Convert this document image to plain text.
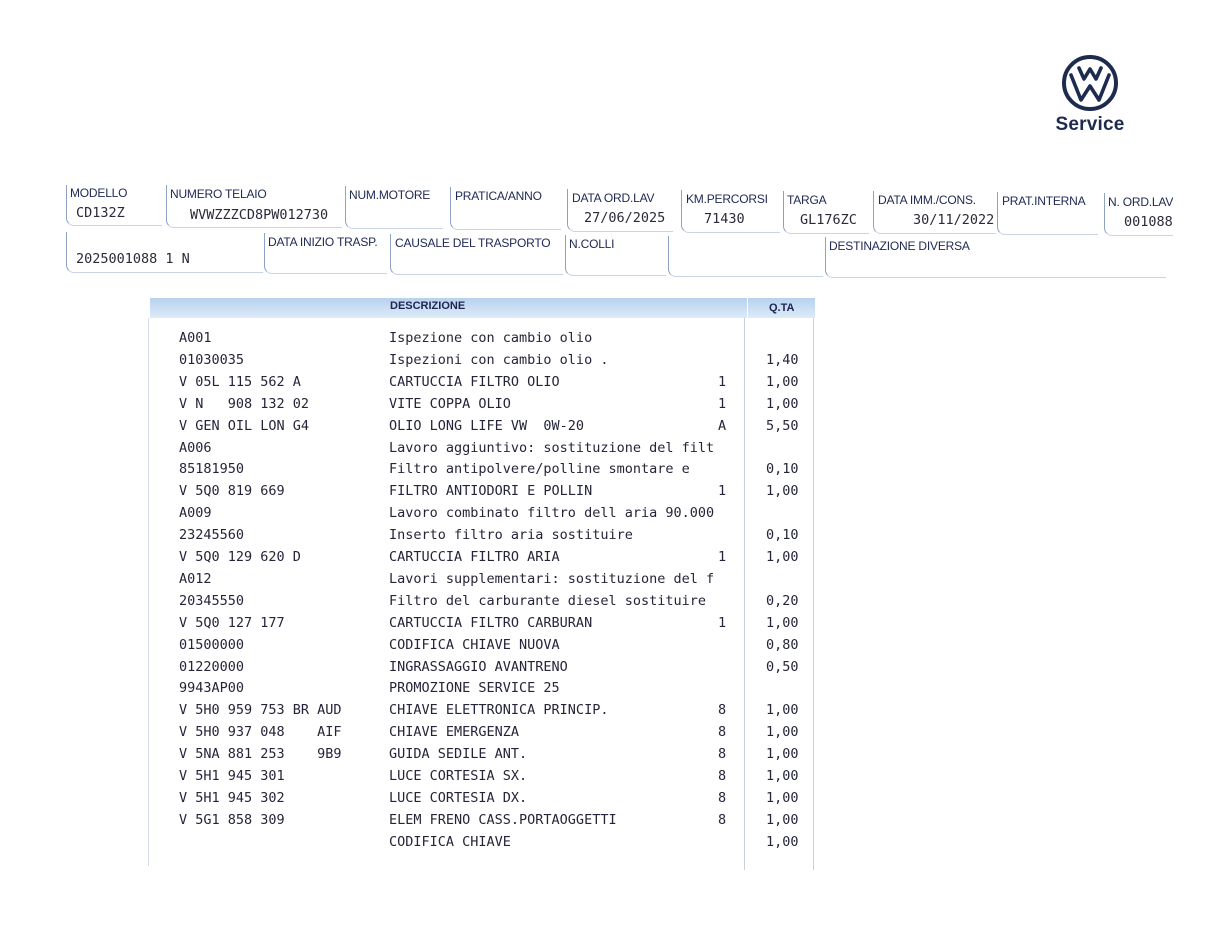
Service
MODELLO
CD132Z
NUMERO TELAIO
WVWZZZCD8PW012730
NUM.MOTORE PRATICA/ANNO	DATA ORD.LAV
27/06/2025
KM.PERCORSI
71430
TARGA
GL176ZC
DATA IMM./CONS.
30/11/2022
PRAT.INTERNA N. ORD.LAV
001088
2025001088 1 N
DATA INIZIO TRASP. CAUSALE DEL TRASPORTO N.COLLI	DESTINAZIONE DIVERSA
DESCRIZIONE	Q.TA
A001	Ispezione con cambio olio
01030035	Ispezioni con cambio olio .	1,40
V 05L 115 562 A	CARTUCCIA FILTRO OLIO	1	1,00
V N   908 132 02	VITE COPPA OLIO	1	1,00
V GEN OIL LON G4	OLIO LONG LIFE VW  0W-20	A	5,50
A006	Lavoro aggiuntivo: sostituzione del filt
85181950	Filtro antipolvere/polline smontare e	0,10
V 5Q0 819 669	FILTRO ANTIODORI E POLLIN	1	1,00
A009	Lavoro combinato filtro dell aria 90.000
23245560	Inserto filtro aria sostituire	0,10
V 5Q0 129 620 D	CARTUCCIA FILTRO ARIA	1	1,00
A012	Lavori supplementari: sostituzione del f
20345550	Filtro del carburante diesel sostituire	0,20
V 5Q0 127 177	CARTUCCIA FILTRO CARBURAN	1	1,00
01500000	CODIFICA CHIAVE NUOVA	0,80
01220000	INGRASSAGGIO AVANTRENO	0,50
9943AP00	PROMOZIONE SERVICE 25
V 5H0 959 753 BR AUD	CHIAVE ELETTRONICA PRINCIP.	8	1,00
V 5H0 937 048    AIF	CHIAVE EMERGENZA	8	1,00
V 5NA 881 253    9B9	GUIDA SEDILE ANT.	8	1,00
V 5H1 945 301	LUCE CORTESIA SX.	8	1,00
V 5H1 945 302	LUCE CORTESIA DX.	8	1,00
V 5G1 858 309	ELEM FRENO CASS.PORTAOGGETTI	8	1,00
CODIFICA CHIAVE	1,00
